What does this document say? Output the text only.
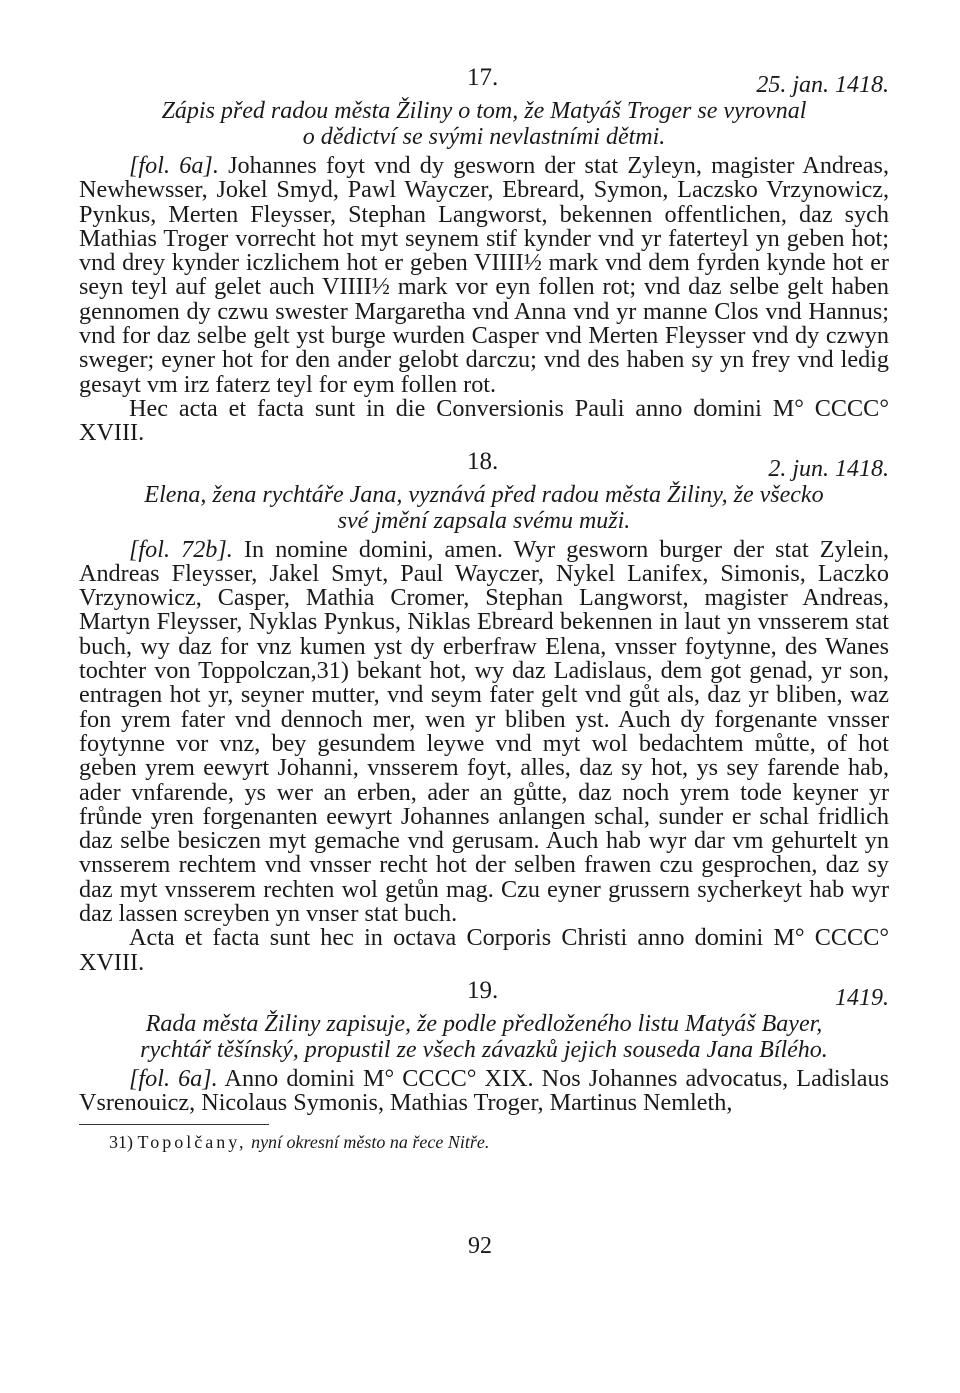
17.	25. jan. 1418.

Zápis před radou města Žiliny o tom, že Matyáš Troger se vyrovnal
o dědictví se svými nevlastními dětmi.

[fol. 6a]. Johannes foyt vnd dy gesworn der stat Zyleyn, magister Andreas, Newhewsser, Jokel Smyd, Pawl Wayczer, Ebreard, Symon, Laczsko Vrzynowicz, Pynkus, Merten Fleysser, Stephan Langworst, bekennen offentlichen, daz sych Mathias Troger vorrecht hot myt seynem stif kynder vnd yr faterteyl yn geben hot; vnd drey kynder iczlichem hot er geben VIIII½ mark vnd dem fyrden kynde hot er seyn teyl auf gelet auch VIIII½ mark vor eyn follen rot; vnd daz selbe gelt haben gennomen dy czwu swester Margaretha vnd Anna vnd yr manne Clos vnd Hannus; vnd for daz selbe gelt yst burge wurden Casper vnd Merten Fleysser vnd dy czwyn sweger; eyner hot for den ander gelobt darczu; vnd des haben sy yn frey vnd ledig gesayt vm irz faterz teyl for eym follen rot.

Hec acta et facta sunt in die Conversionis Pauli anno domini M° CCCC° XVIII.

18.	2. jun. 1418.

Elena, žena rychtáře Jana, vyznává před radou města Žiliny, že všecko
své jmění zapsala svému muži.

[fol. 72b]. In nomine domini, amen. Wyr gesworn burger der stat Zylein, Andreas Fleysser, Jakel Smyt, Paul Wayczer, Nykel Lanifex, Simonis, Laczko Vrzynowicz, Casper, Mathia Cromer, Stephan Langworst, magister Andreas, Martyn Fleysser, Nyklas Pynkus, Niklas Ebreard bekennen in laut yn vnsserem stat buch, wy daz for vnz kumen yst dy erberfraw Elena, vnsser foytynne, des Wanes tochter von Toppolczan,31) bekant hot, wy daz Ladislaus, dem got genad, yr son, entragen hot yr, seyner mutter, vnd seym fater gelt vnd gůt als, daz yr bliben, waz fon yrem fater vnd dennoch mer, wen yr bliben yst. Auch dy forgenante vnsser foytynne vor vnz, bey gesundem leywe vnd myt wol bedachtem můtte, of hot geben yrem eewyrt Johanni, vnsserem foyt, alles, daz sy hot, ys sey farende hab, ader vnfarende, ys wer an erben, ader an gůtte, daz noch yrem tode keyner yr frůnde yren forgenanten eewyrt Johannes anlangen schal, sunder er schal fridlich daz selbe besiczen myt gemache vnd gerusam. Auch hab wyr dar vm gehurtelt yn vnsserem rechtem vnd vnsser recht hot der selben frawen czu gesprochen, daz sy daz myt vnsserem rechten wol getůn mag. Czu eyner grussern sycherkeyt hab wyr daz lassen screyben yn vnser stat buch.

Acta et facta sunt hec in octava Corporis Christi anno domini M° CCCC° XVIII.

19.	1419.

Rada města Žiliny zapisuje, že podle předloženého listu Matyáš Bayer,
rychtář těšínský, propustil ze všech závazků jejich souseda Jana Bílého.

[fol. 6a]. Anno domini M° CCCC° XIX. Nos Johannes advocatus, Ladislaus Vsrenouicz, Nicolaus Symonis, Mathias Troger, Martinus Nemleth,

31) Topolčany, nyní okresní město na řece Nitře.
92
